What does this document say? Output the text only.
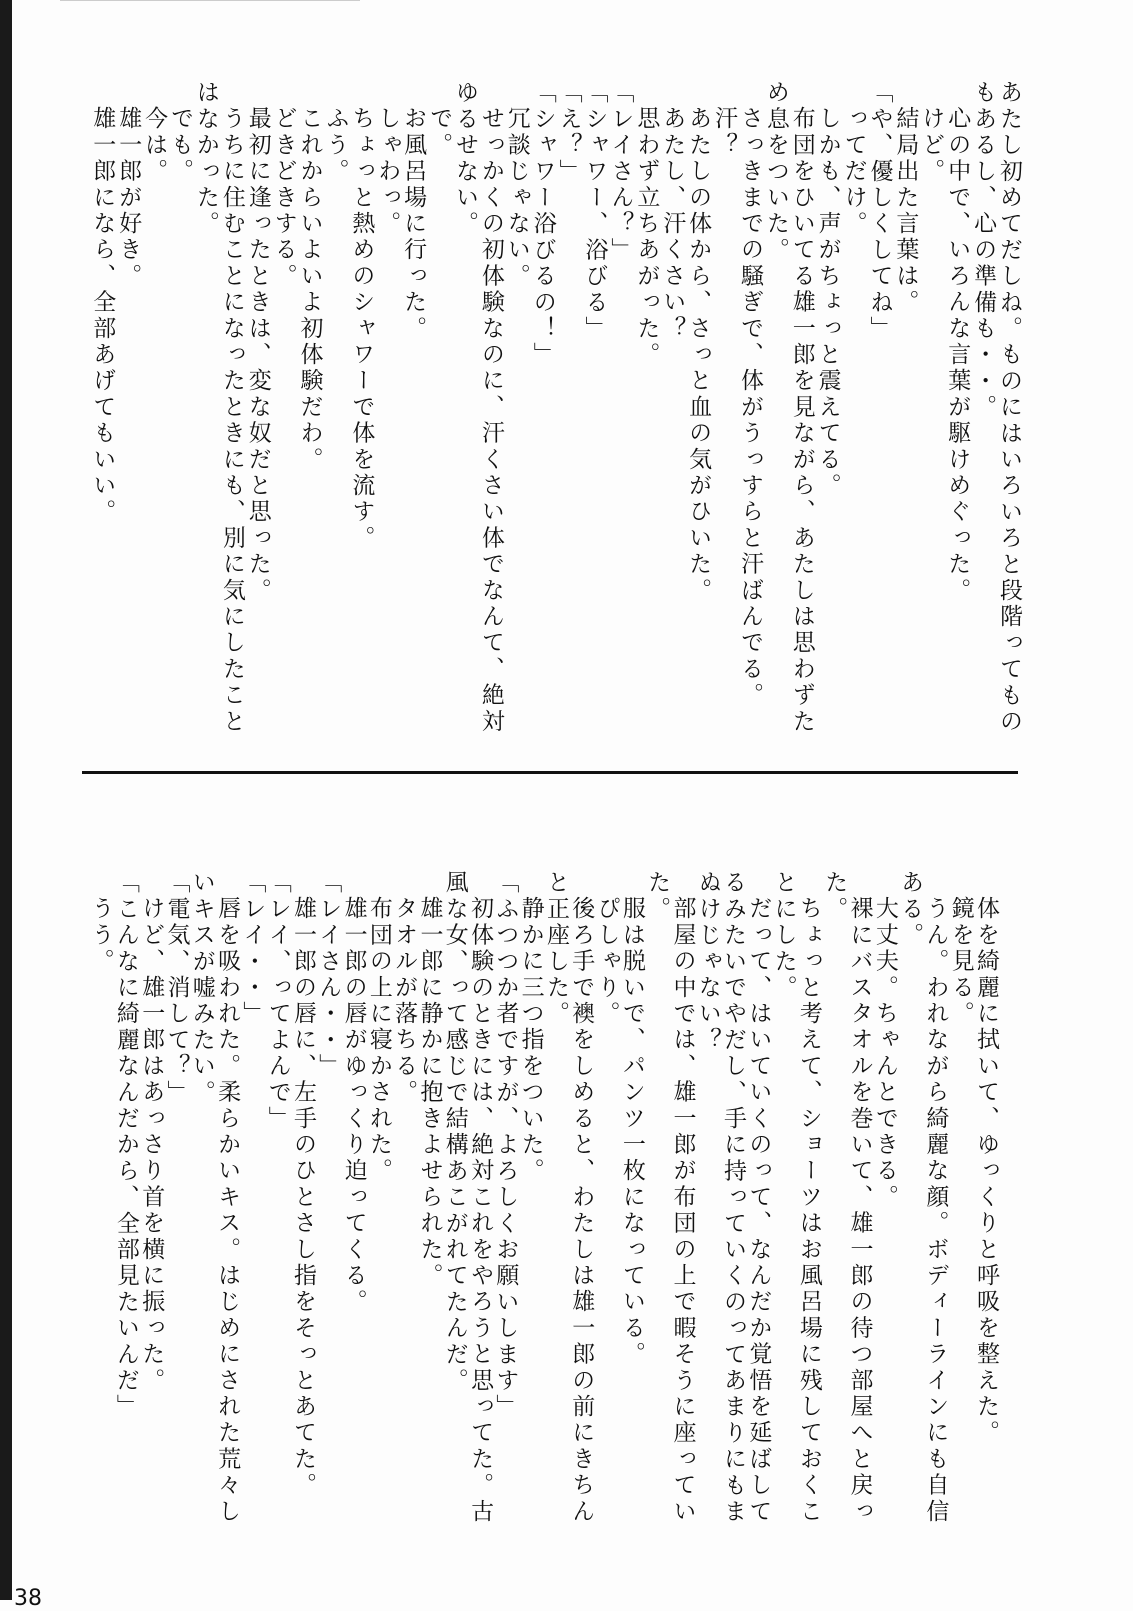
あたし初めてだしね。ものにはいろいろと段階ってもの
もあるし、心の準備も・・。
心の中で、いろんな言葉が駆けめぐった。
けど。
結局出た言葉は。
「や、優しくしてね」
ってだけ。
しかも、声がちょっと震えてる。
布団をひいてる雄一郎を見ながら、あたしは思わずた
め息をついた。
さっきまでの騒ぎで、体がうっすらと汗ばんでる。
汗？
あたしの体から、さっと血の気がひいた。
あたし、汗くさい？
思わず立ちあがった。
「レイさん？」
「シャワー、浴びる」
「え？」
「シャワー浴びるの！」
冗談じゃない。
せっかくの初体験なのに、汗くさい体でなんて、絶対
ゆるせない。
で。
お風呂場に行った。
しゃわっ。
ちょっと熱めのシャワーで体を流す。
ふう。
これからいよいよ初体験だわ。
どきどきする。
最初に逢ったときは、変な奴だと思った。
うちに住むことになったときにも、別に気にしたこと
はなかった。
でも。
今は。
雄一郎が好き。
雄一郎になら、全部あげてもいい。
体を綺麗に拭いて、ゆっくりと呼吸を整えた。
鏡を見る。
うん。われながら綺麗な顔。ボディーラインにも自信
ある。
大丈夫。ちゃんとできる。
裸にバスタオルを巻いて、雄一郎の待つ部屋へと戻っ
た。
ちょっと考えて、ショーツはお風呂場に残しておくこ
とにした。
だって、はいていくのって、なんだか覚悟を延ばして
るみたいでやだし、手に持っていくのってあまりにもま
ぬけじゃない？
部屋の中では、雄一郎が布団の上で暇そうに座ってい
た。
服は脱いで、パンツ一枚になっている。
ぴしゃり。
後ろ手で襖をしめると、わたしは雄一郎の前にきちん
と正座した。
静かに三つ指をついた。
「ふつつか者ですが、よろしくお願いします」
初体験のときには、絶対これをやろうと思ってた。古
風な女、って感じで結構あこがれてたんだ。
雄一郎に静かに抱きよせられた。
タオルが落ちる。
布団の上に寝かされた。
雄一郎の唇がゆっくり迫ってくる。
「レイさん・・」
雄一郎の唇に、左手のひとさし指をそっとあてた。
「レイ、ってよんで」
「レイ・・」
唇を吸われた。柔らかいキス。はじめにされた荒々し
いキスが嘘みたい。
「電気、消して？」
けど、雄一郎はあっさり首を横に振った。
「こんなに綺麗なんだから、全部見たいんだ」
うう。
38
